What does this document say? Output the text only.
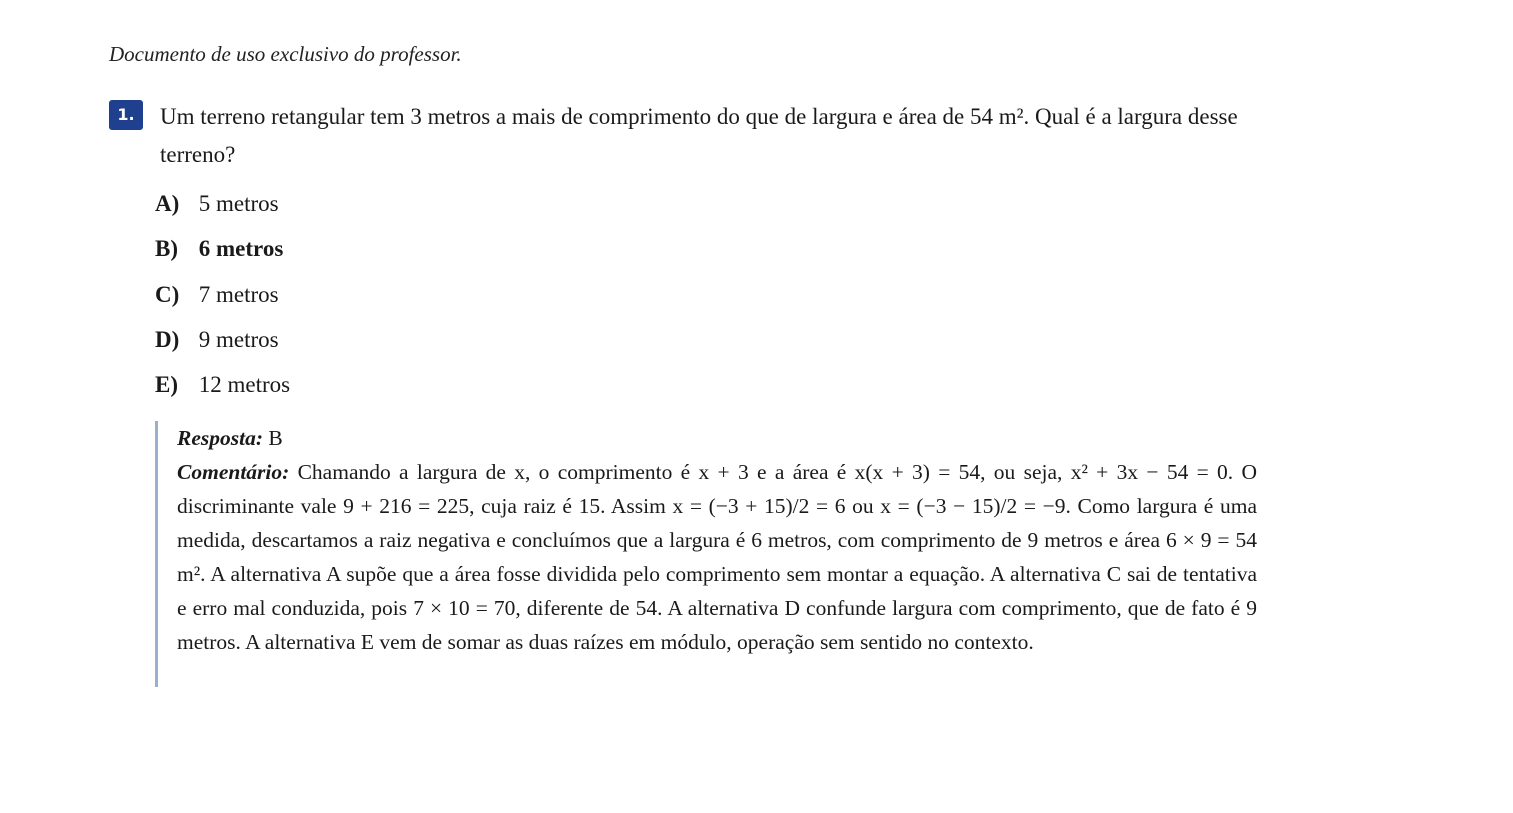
Documento de uso exclusivo do professor.
1.	Um terreno retangular tem 3 metros a mais de comprimento do que de largura e área de 54 m². Qual é a largura desse terreno?
A) 5 metros
B) 6 metros
C) 7 metros
D) 9 metros
E) 12 metros
Resposta: B
Comentário: Chamando a largura de x, o comprimento é x + 3 e a área é x(x + 3) = 54, ou seja, x² + 3x − 54 = 0. O discriminante vale 9 + 216 = 225, cuja raiz é 15. Assim x = (−3 + 15)/2 = 6 ou x = (−3 − 15)/2 = −9. Como largura é uma medida, descartamos a raiz negativa e concluímos que a largura é 6 metros, com comprimento de 9 metros e área 6 × 9 = 54 m². A alternativa A supõe que a área fosse dividida pelo comprimento sem montar a equação. A alternativa C sai de tentativa e erro mal conduzida, pois 7 × 10 = 70, diferente de 54. A alternativa D confunde largura com comprimento, que de fato é 9 metros. A alternativa E vem de somar as duas raízes em módulo, operação sem sentido no contexto.
